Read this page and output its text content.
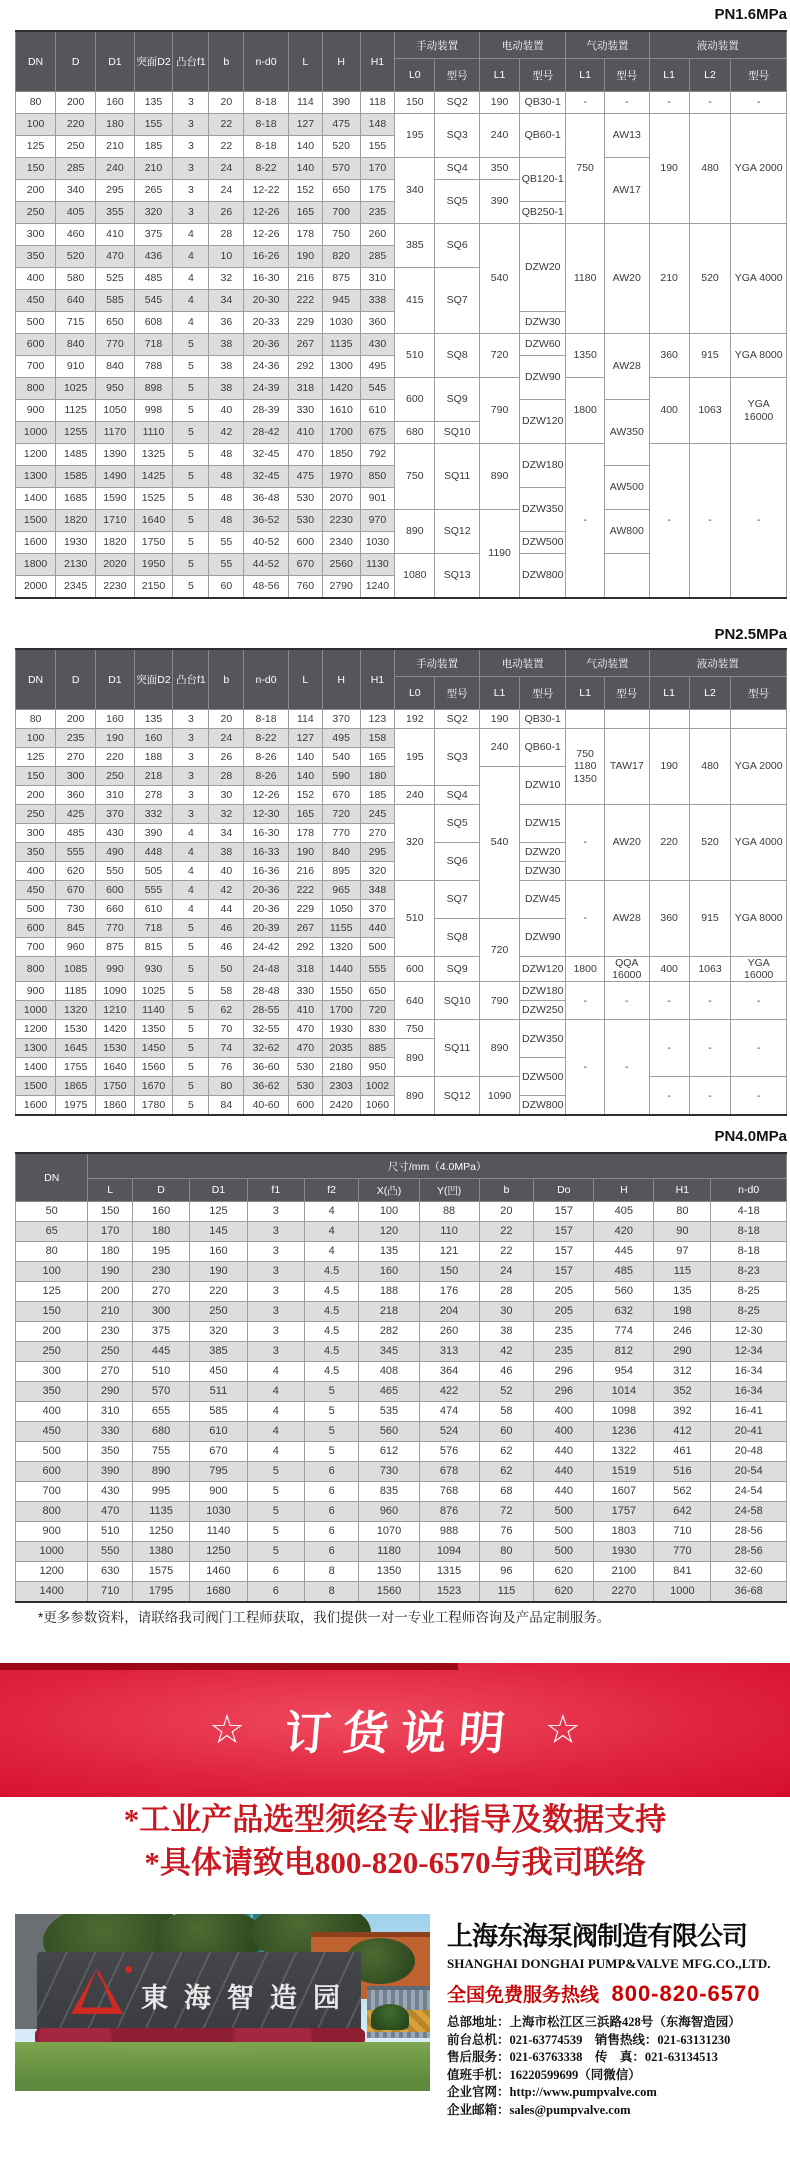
PN1.6MPa
DN	D	D1	突面D2	凸台f1	b	n-d0	L	H	H1	手动装置		电动装置		气动装置		液动装置		
										L0	型号	L1	型号	L1	型号	L1	L2	型号
80	200	160	135	3	20	8-18	114	390	118	150	SQ2	190	QB30-1	-	-	-	-	-
100	220	180	155	3	22	8-18	127	475	148	195	SQ3	240	QB60-1	750	AW13	190	480	YGA 2000
125	250	210	185	3	22	8-18	140	520	155									
150	285	240	210	3	24	8-22	140	570	170	340	SQ4	350	QB120-1		AW17			
200	340	295	265	3	24	12-22	152	650	175		SQ5	390						
250	405	355	320	3	26	12-26	165	700	235				QB250-1					
300	460	410	375	4	28	12-26	178	750	260	385	SQ6	540	DZW20	1180	AW20	210	520	YGA 4000
350	520	470	436	4	10	16-26	190	820	285									
400	580	525	485	4	32	16-30	216	875	310	415	SQ7							
450	640	585	545	4	34	20-30	222	945	338									
500	715	650	608	4	36	20-33	229	1030	360				DZW30					
600	840	770	718	5	38	20-36	267	1135	430	510	SQ8	720	DZW60	1350	AW28	360	915	YGA 8000
700	910	840	788	5	38	24-36	292	1300	495				DZW90					
800	1025	950	898	5	38	24-39	318	1420	545	600	SQ9	790		1800		400	1063	YGA 16000
900	1125	1050	998	5	40	28-39	330	1610	610				DZW120		AW350			
1000	1255	1170	1110	5	42	28-42	410	1700	675	680	SQ10							
1200	1485	1390	1325	5	48	32-45	470	1850	792	750	SQ11	890	DZW180	-		-	-	-
1300	1585	1490	1425	5	48	32-45	475	1970	850						AW500			
1400	1685	1590	1525	5	48	36-48	530	2070	901				DZW350					
1500	1820	1710	1640	5	48	36-52	530	2230	970	890	SQ12	1190			AW800			
1600	1930	1820	1750	5	55	40-52	600	2340	1030				DZW500					
1800	2130	2020	1950	5	55	44-52	670	2560	1130	1080	SQ13		DZW800					
2000	2345	2230	2150	5	60	48-56	760	2790	1240									
PN2.5MPa
DN	D	D1	突面D2	凸台f1	b	n-d0	L	H	H1	手动装置		电动装置		气动装置		液动装置		
										L0	型号	L1	型号	L1	型号	L1	L2	型号
80	200	160	135	3	20	8-18	114	370	123	192	SQ2	190	QB30-1					
100	235	190	160	3	24	8-22	127	495	158	195	SQ3	240	QB60-1	750 1180 1350	TAW17	190	480	YGA 2000
125	270	220	188	3	26	8-26	140	540	165									
150	300	250	218	3	28	8-26	140	590	180			540	DZW10					
200	360	310	278	3	30	12-26	152	670	185	240	SQ4							
250	425	370	332	3	32	12-30	165	720	245	320	SQ5		DZW15	-	AW20	220	520	YGA 4000
300	485	430	390	4	34	16-30	178	770	270									
350	555	490	448	4	38	16-33	190	840	295		SQ6		DZW20					
400	620	550	505	4	40	16-36	216	895	320				DZW30					
450	670	600	555	4	42	20-36	222	965	348	510	SQ7		DZW45	-	AW28	360	915	YGA 8000
500	730	660	610	4	44	20-36	229	1050	370									
600	845	770	718	5	46	20-39	267	1155	440		SQ8	720	DZW90					
700	960	875	815	5	46	24-42	292	1320	500									
800	1085	990	930	5	50	24-48	318	1440	555	600	SQ9		DZW120	1800	QQA 16000	400	1063	YGA 16000
900	1185	1090	1025	5	58	28-48	330	1550	650	640	SQ10	790	DZW180	-	-	-	-	-
1000	1320	1210	1140	5	62	28-55	410	1700	720				DZW250					
1200	1530	1420	1350	5	70	32-55	470	1930	830	750	SQ11	890	DZW350	-	-	-	-	-
1300	1645	1530	1450	5	74	32-62	470	2035	885	890								
1400	1755	1640	1560	5	76	36-60	530	2180	950				DZW500					
1500	1865	1750	1670	5	80	36-62	530	2303	1002	890	SQ12	1090				-	-	-
1600	1975	1860	1780	5	84	40-60	600	2420	1060				DZW800					
PN4.0MPa
DN	尺寸/mm（4.0MPa）											
	L	D	D1	f1	f2	X(凸)	Y(凹)	b	Do	H	H1	n-d0
50	150	160	125	3	4	100	88	20	157	405	80	4-18
65	170	180	145	3	4	120	110	22	157	420	90	8-18
80	180	195	160	3	4	135	121	22	157	445	97	8-18
100	190	230	190	3	4.5	160	150	24	157	485	115	8-23
125	200	270	220	3	4.5	188	176	28	205	560	135	8-25
150	210	300	250	3	4.5	218	204	30	205	632	198	8-25
200	230	375	320	3	4.5	282	260	38	235	774	246	12-30
250	250	445	385	3	4.5	345	313	42	235	812	290	12-34
300	270	510	450	4	4.5	408	364	46	296	954	312	16-34
350	290	570	511	4	5	465	422	52	296	1014	352	16-34
400	310	655	585	4	5	535	474	58	400	1098	392	16-41
450	330	680	610	4	5	560	524	60	400	1236	412	20-41
500	350	755	670	4	5	612	576	62	440	1322	461	20-48
600	390	890	795	5	6	730	678	62	440	1519	516	20-54
700	430	995	900	5	6	835	768	68	440	1607	562	24-54
800	470	1135	1030	5	6	960	876	72	500	1757	642	24-58
900	510	1250	1140	5	6	1070	988	76	500	1803	710	28-56
1000	550	1380	1250	5	6	1180	1094	80	500	1930	770	28-56
1200	630	1575	1460	6	8	1350	1315	96	620	2100	841	32-60
1400	710	1795	1680	6	8	1560	1523	115	620	2270	1000	36-68
*更多参数资料，请联络我司阀门工程师获取，我们提供一对一专业工程师咨询及产品定制服务。
☆ 订货说明 ☆
*工业产品选型须经专业指导及数据支持
*具体请致电800-820-6570与我司联络
東海智造园
上海东海泵阀制造有限公司
SHANGHAI DONGHAI PUMP&VALVE MFG.CO.,LTD.
全国免费服务热线 800-820-6570
总部地址：上海市松江区三浜路428号（东海智造园）
前台总机：021-63774539　销售热线：021-63131230
售后服务：021-63763338　传　真：021-63134513
值班手机：16220599699（同微信）
企业官网：http://www.pumpvalve.com
企业邮箱：sales@pumpvalve.com
